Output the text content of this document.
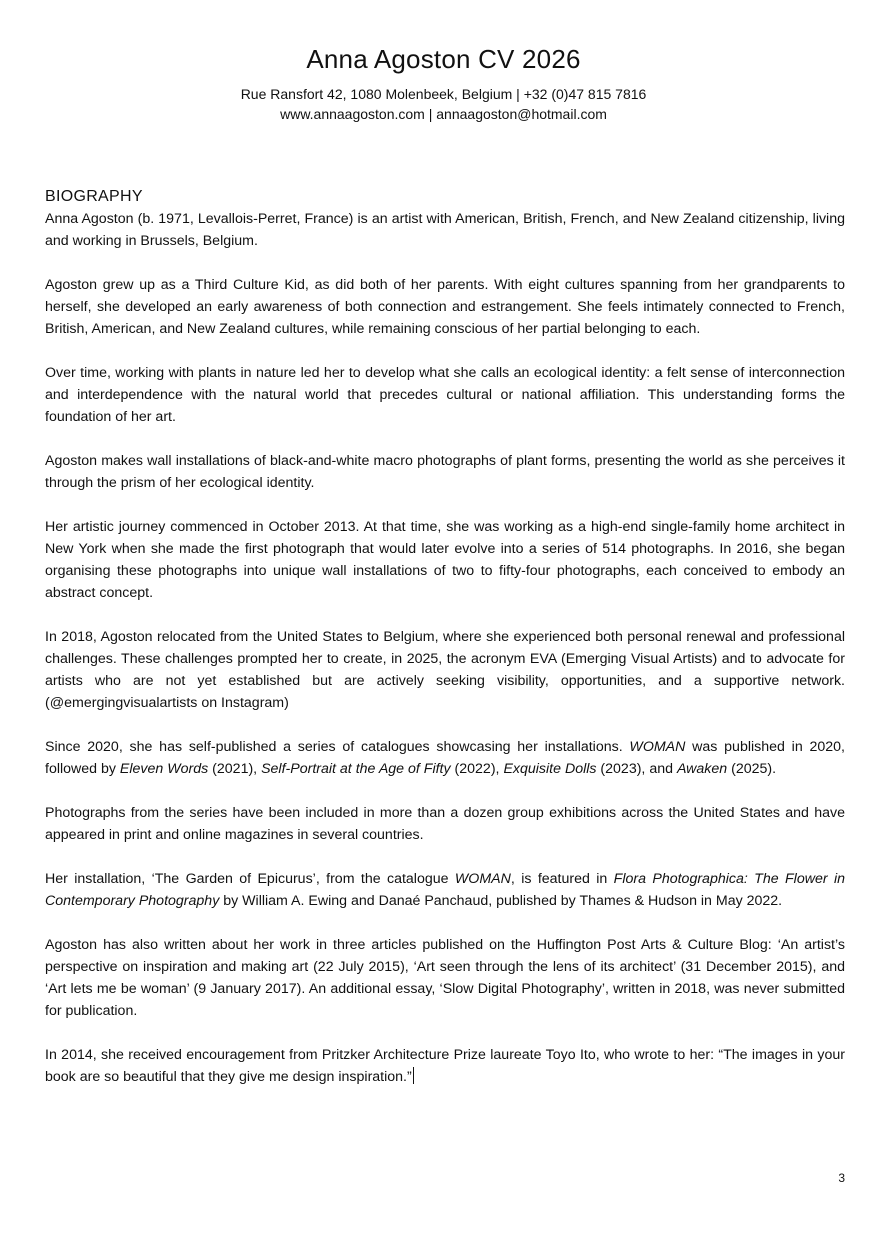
Anna Agoston CV 2026

Rue Ransfort 42, 1080 Molenbeek, Belgium | +32 (0)47 815 7816

www.annaagoston.com | annaagoston@hotmail.com

BIOGRAPHY

Anna Agoston (b. 1971, Levallois-Perret, France) is an artist with American, British, French, and New Zealand citizenship, living and working in Brussels, Belgium.

Agoston grew up as a Third Culture Kid, as did both of her parents. With eight cultures spanning from her grandparents to herself, she developed an early awareness of both connection and estrangement. She feels intimately connected to French, British, American, and New Zealand cultures, while remaining conscious of her partial belonging to each.

Over time, working with plants in nature led her to develop what she calls an ecological identity: a felt sense of interconnection and interdependence with the natural world that precedes cultural or national affiliation. This understanding forms the foundation of her art.

Agoston makes wall installations of black-and-white macro photographs of plant forms, presenting the world as she perceives it through the prism of her ecological identity.

Her artistic journey commenced in October 2013. At that time, she was working as a high-end single-family home architect in New York when she made the first photograph that would later evolve into a series of 514 photographs. In 2016, she began organising these photographs into unique wall installations of two to fifty-four photographs, each conceived to embody an abstract concept.

In 2018, Agoston relocated from the United States to Belgium, where she experienced both personal renewal and professional challenges. These challenges prompted her to create, in 2025, the acronym EVA (Emerging Visual Artists) and to advocate for artists who are not yet established but are actively seeking visibility, opportunities, and a supportive network. (@emergingvisualartists on Instagram)

Since 2020, she has self-published a series of catalogues showcasing her installations. WOMAN was published in 2020, followed by Eleven Words (2021), Self-Portrait at the Age of Fifty (2022), Exquisite Dolls (2023), and Awaken (2025).

Photographs from the series have been included in more than a dozen group exhibitions across the United States and have appeared in print and online magazines in several countries.

Her installation, ‘The Garden of Epicurus’, from the catalogue WOMAN, is featured in Flora Photographica: The Flower in Contemporary Photography by William A. Ewing and Danaé Panchaud, published by Thames & Hudson in May 2022.

Agoston has also written about her work in three articles published on the Huffington Post Arts & Culture Blog: ‘An artist’s perspective on inspiration and making art (22 July 2015), ‘Art seen through the lens of its architect’ (31 December 2015), and ‘Art lets me be woman’ (9 January 2017). An additional essay, ‘Slow Digital Photography’, written in 2018, was never submitted for publication.

In 2014, she received encouragement from Pritzker Architecture Prize laureate Toyo Ito, who wrote to her: “The images in your book are so beautiful that they give me design inspiration.”

3
